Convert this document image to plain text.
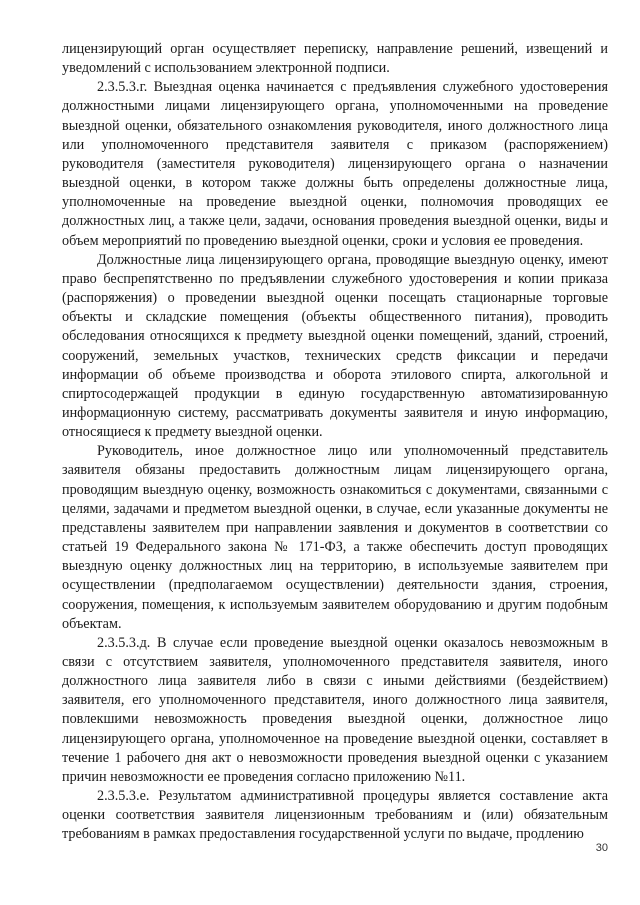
лицензирующий орган осуществляет переписку, направление решений, извещений и уведомлений с использованием электронной подписи.

2.3.5.3.г. Выездная оценка начинается с предъявления служебного удостоверения должностными лицами лицензирующего органа, уполномоченными на проведение выездной оценки, обязательного ознакомления руководителя, иного должностного лица или уполномоченного представителя заявителя с приказом (распоряжением) руководителя (заместителя руководителя) лицензирующего органа о назначении выездной оценки, в котором также должны быть определены должностные лица, уполномоченные на проведение выездной оценки, полномочия проводящих ее должностных лиц, а также цели, задачи, основания проведения выездной оценки, виды и объем мероприятий по проведению выездной оценки, сроки и условия ее проведения.

Должностные лица лицензирующего органа, проводящие выездную оценку, имеют право беспрепятственно по предъявлении служебного удостоверения и копии приказа (распоряжения) о проведении выездной оценки посещать стационарные торговые объекты и складские помещения (объекты общественного питания), проводить обследования относящихся к предмету выездной оценки помещений, зданий, строений, сооружений, земельных участков, технических средств фиксации и передачи информации об объеме производства и оборота этилового спирта, алкогольной и спиртосодержащей продукции в единую государственную автоматизированную информационную систему, рассматривать документы заявителя и иную информацию, относящиеся к предмету выездной оценки.

Руководитель, иное должностное лицо или уполномоченный представитель заявителя обязаны предоставить должностным лицам лицензирующего органа, проводящим выездную оценку, возможность ознакомиться с документами, связанными с целями, задачами и предметом выездной оценки, в случае, если указанные документы не представлены заявителем при направлении заявления и документов в соответствии со статьей 19 Федерального закона № 171-ФЗ, а также обеспечить доступ проводящих выездную оценку должностных лиц на территорию, в используемые заявителем при осуществлении (предполагаемом осуществлении) деятельности здания, строения, сооружения, помещения, к используемым заявителем оборудованию и другим подобным объектам.

2.3.5.3.д. В случае если проведение выездной оценки оказалось невозможным в связи с отсутствием заявителя, уполномоченного представителя заявителя, иного должностного лица заявителя либо в связи с иными действиями (бездействием) заявителя, его уполномоченного представителя, иного должностного лица заявителя, повлекшими невозможность проведения выездной оценки, должностное лицо лицензирующего органа, уполномоченное на проведение выездной оценки, составляет в течение 1 рабочего дня акт о невозможности проведения выездной оценки с указанием причин невозможности ее проведения согласно приложению №11.

2.3.5.3.е. Результатом административной процедуры является составление акта оценки соответствия заявителя лицензионным требованиям и (или) обязательным требованиям в рамках предоставления государственной услуги по выдаче, продлению

30
